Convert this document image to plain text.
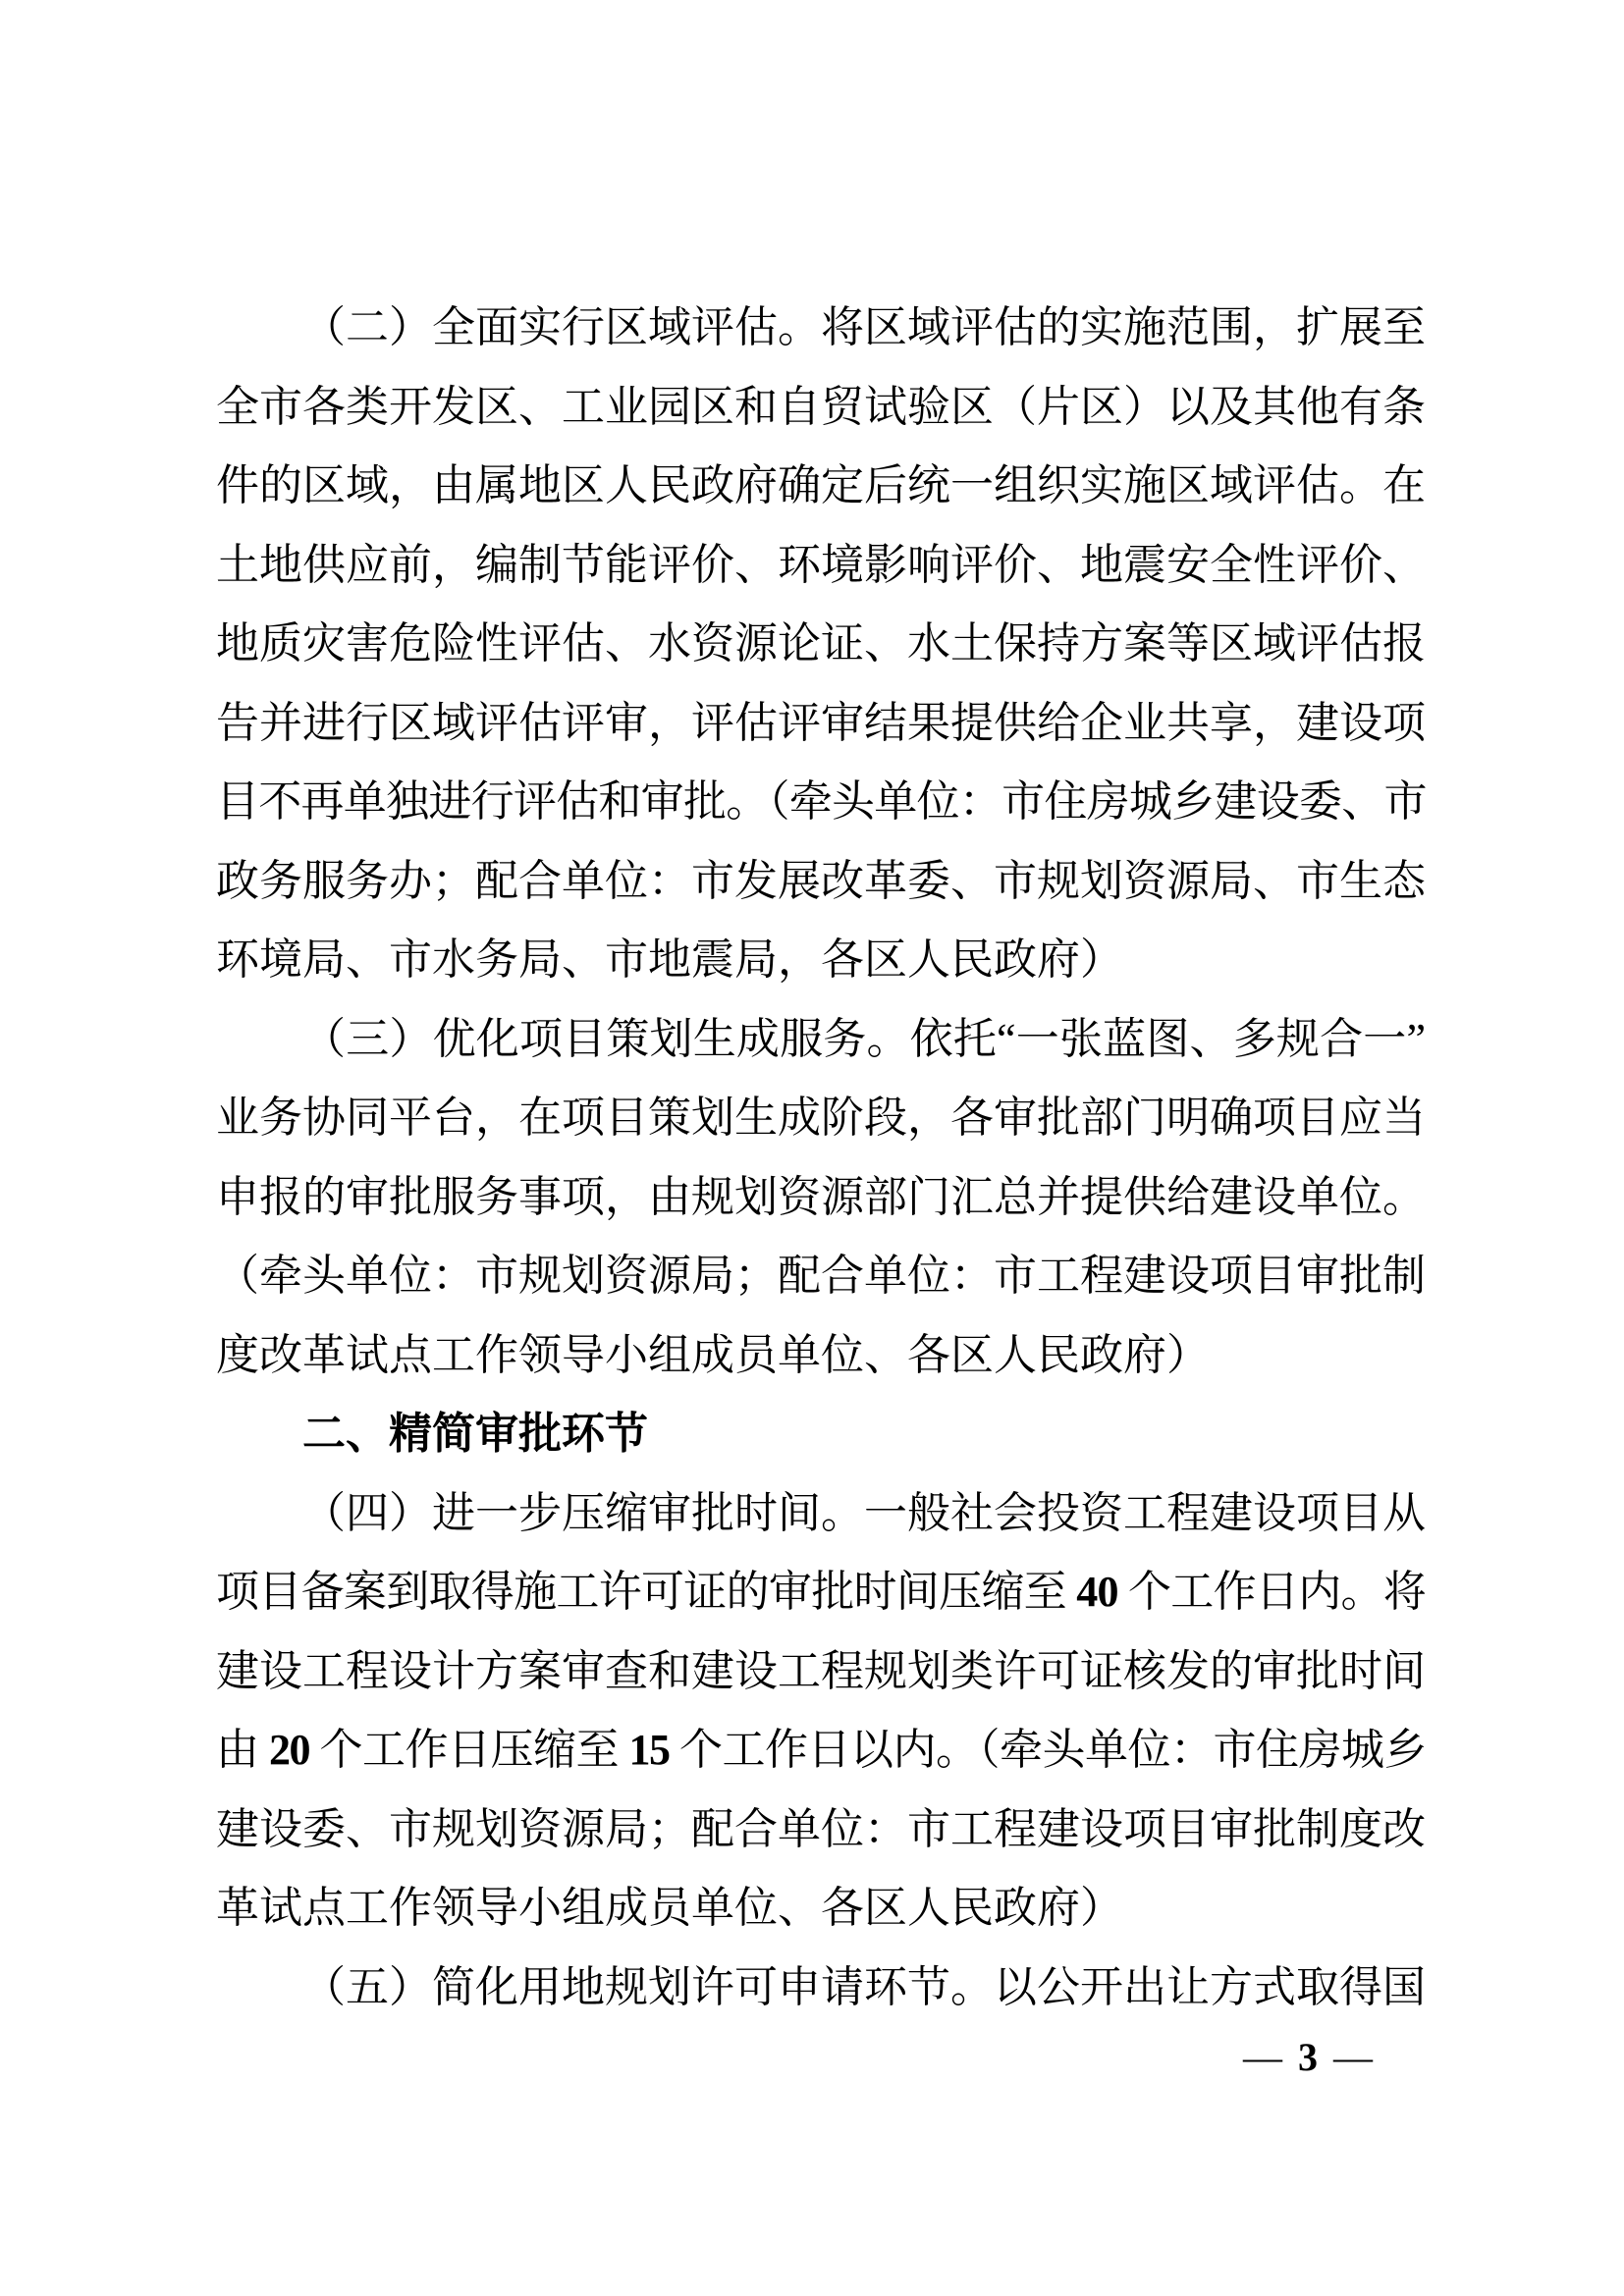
（二）全面实行区域评估。将区域评估的实施范围，扩展至
全市各类开发区、工业园区和自贸试验区（片区）以及其他有条
件的区域，由属地区人民政府确定后统一组织实施区域评估。在
土地供应前，编制节能评价、环境影响评价、地震安全性评价、
地质灾害危险性评估、水资源论证、水土保持方案等区域评估报
告并进行区域评估评审，评估评审结果提供给企业共享，建设项
目不再单独进行评估和审批。（牵头单位：市住房城乡建设委、市
政务服务办；配合单位：市发展改革委、市规划资源局、市生态
环境局、市水务局、市地震局，各区人民政府）
（三）优化项目策划生成服务。依托“一张蓝图、多规合一”
业务协同平台，在项目策划生成阶段，各审批部门明确项目应当
申报的审批服务事项，由规划资源部门汇总并提供给建设单位。
（牵头单位：市规划资源局；配合单位：市工程建设项目审批制
度改革试点工作领导小组成员单位、各区人民政府）
二、精简审批环节
（四）进一步压缩审批时间。一般社会投资工程建设项目从
项目备案到取得施工许可证的审批时间压缩至 40 个工作日内。将
建设工程设计方案审查和建设工程规划类许可证核发的审批时间
由 20 个工作日压缩至 15 个工作日以内。（牵头单位：市住房城乡
建设委、市规划资源局；配合单位：市工程建设项目审批制度改
革试点工作领导小组成员单位、各区人民政府）
（五）简化用地规划许可申请环节。以公开出让方式取得国
— 3 —
